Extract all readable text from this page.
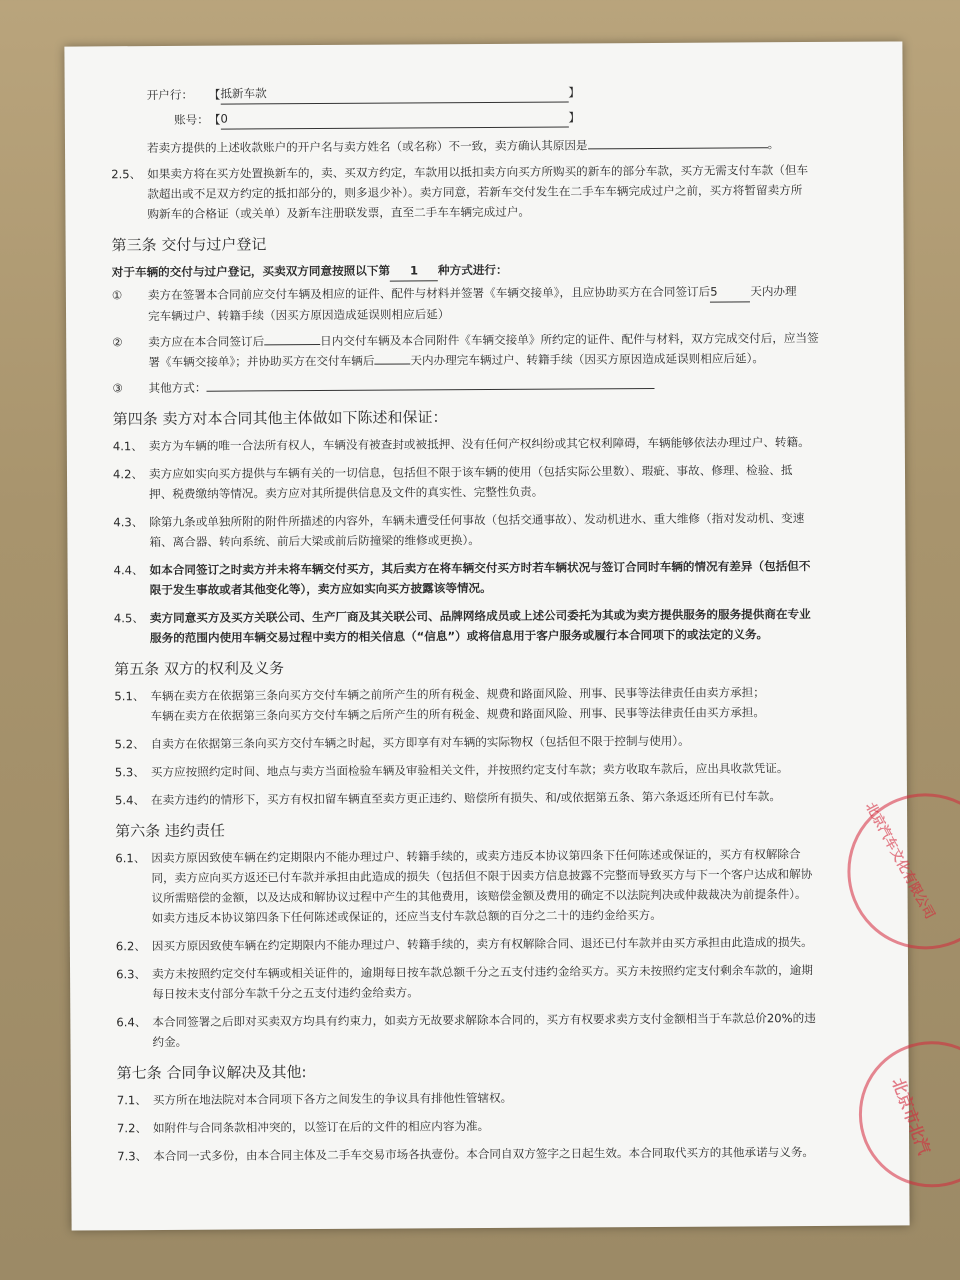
开户行：	【 抵新车款	】
账号： 【 0	】
若卖方提供的上述收款账户的开户名与卖方姓名（或名称）不一致，卖方确认其原因是	。
2.5、 如果卖方将在买方处置换新车的，卖、买双方约定，车款用以抵扣卖方向买方所购买的新车的部分车款，买方无需支付车款（但车
款超出或不足双方约定的抵扣部分的，则多退少补）。卖方同意，若新车交付发生在二手车车辆完成过户之前，买方将暂留卖方所
购新车的合格证（或关单）及新车注册联发票，直至二手车车辆完成过户。
第三条 交付与过户登记
对于车辆的交付与过户登记，买卖双方同意按照以下第 1 种方式进行：
①	卖方在签署本合同前应交付车辆及相应的证件、配件与材料并签署《车辆交接单》，且应协助买方在合同签订后5	天内办理
完车辆过户、转籍手续（因买方原因造成延误则相应后延）
②	卖方应在本合同签订后	日内交付车辆及本合同附件《车辆交接单》所约定的证件、配件与材料，双方完成交付后，应当签
署《车辆交接单》；并协助买方在交付车辆后	天内办理完车辆过户、转籍手续（因买方原因造成延误则相应后延）。
③	其他方式：
第四条 卖方对本合同其他主体做如下陈述和保证：
4.1、 卖方为车辆的唯一合法所有权人，车辆没有被查封或被抵押、没有任何产权纠纷或其它权利障碍，车辆能够依法办理过户、转籍。
4.2、 卖方应如实向买方提供与车辆有关的一切信息，包括但不限于该车辆的使用（包括实际公里数）、瑕疵、事故、修理、检验、抵
押、税费缴纳等情况。卖方应对其所提供信息及文件的真实性、完整性负责。
4.3、 除第九条或单独所附的附件所描述的内容外，车辆未遭受任何事故（包括交通事故）、发动机进水、重大维修（指对发动机、变速
箱、离合器、转向系统、前后大梁或前后防撞梁的维修或更换）。
4.4、 如本合同签订之时卖方并未将车辆交付买方，其后卖方在将车辆交付买方时若车辆状况与签订合同时车辆的情况有差异（包括但不
限于发生事故或者其他变化等），卖方应如实向买方披露该等情况。
4.5、 卖方同意买方及买方关联公司、生产厂商及其关联公司、品牌网络成员或上述公司委托为其或为卖方提供服务的服务提供商在专业
服务的范围内使用车辆交易过程中卖方的相关信息（“信息”）或将信息用于客户服务或履行本合同项下的或法定的义务。
第五条 双方的权利及义务
5.1、 车辆在卖方在依据第三条向买方交付车辆之前所产生的所有税金、规费和路面风险、刑事、民事等法律责任由卖方承担；
车辆在卖方在依据第三条向买方交付车辆之后所产生的所有税金、规费和路面风险、刑事、民事等法律责任由买方承担。
5.2、 自卖方在依据第三条向买方交付车辆之时起，买方即享有对车辆的实际物权（包括但不限于控制与使用）。
5.3、 买方应按照约定时间、地点与卖方当面检验车辆及审验相关文件，并按照约定支付车款；卖方收取车款后，应出具收款凭证。
5.4、 在卖方违约的情形下，买方有权扣留车辆直至卖方更正违约、赔偿所有损失、和/或依据第五条、第六条返还所有已付车款。
第六条 违约责任
6.1、 因卖方原因致使车辆在约定期限内不能办理过户、转籍手续的，或卖方违反本协议第四条下任何陈述或保证的，买方有权解除合
同，卖方应向买方返还已付车款并承担由此造成的损失（包括但不限于因卖方信息披露不完整而导致买方与下一个客户达成和解协
议所需赔偿的金额，以及达成和解协议过程中产生的其他费用，该赔偿金额及费用的确定不以法院判决或仲裁裁决为前提条件）。
如卖方违反本协议第四条下任何陈述或保证的，还应当支付车款总额的百分之二十的违约金给买方。
6.2、 因买方原因致使车辆在约定期限内不能办理过户、转籍手续的，卖方有权解除合同、退还已付车款并由买方承担由此造成的损失。
6.3、 卖方未按照约定交付车辆或相关证件的，逾期每日按车款总额千分之五支付违约金给买方。买方未按照约定支付剩余车款的，逾期
每日按未支付部分车款千分之五支付违约金给卖方。
6.4、 本合同签署之后即对买卖双方均具有约束力，如卖方无故要求解除本合同的，买方有权要求卖方支付金额相当于车款总价20%的违
约金。
第七条 合同争议解决及其他:
7.1、 买方所在地法院对本合同项下各方之间发生的争议具有排他性管辖权。
7.2、 如附件与合同条款相冲突的，以签订在后的文件的相应内容为准。
7.3、 本合同一式多份，由本合同主体及二手车交易市场各执壹份。本合同自双方签字之日起生效。本合同取代买方的其他承诺与义务。
北京汽车文化有限公司
北京市北汽
